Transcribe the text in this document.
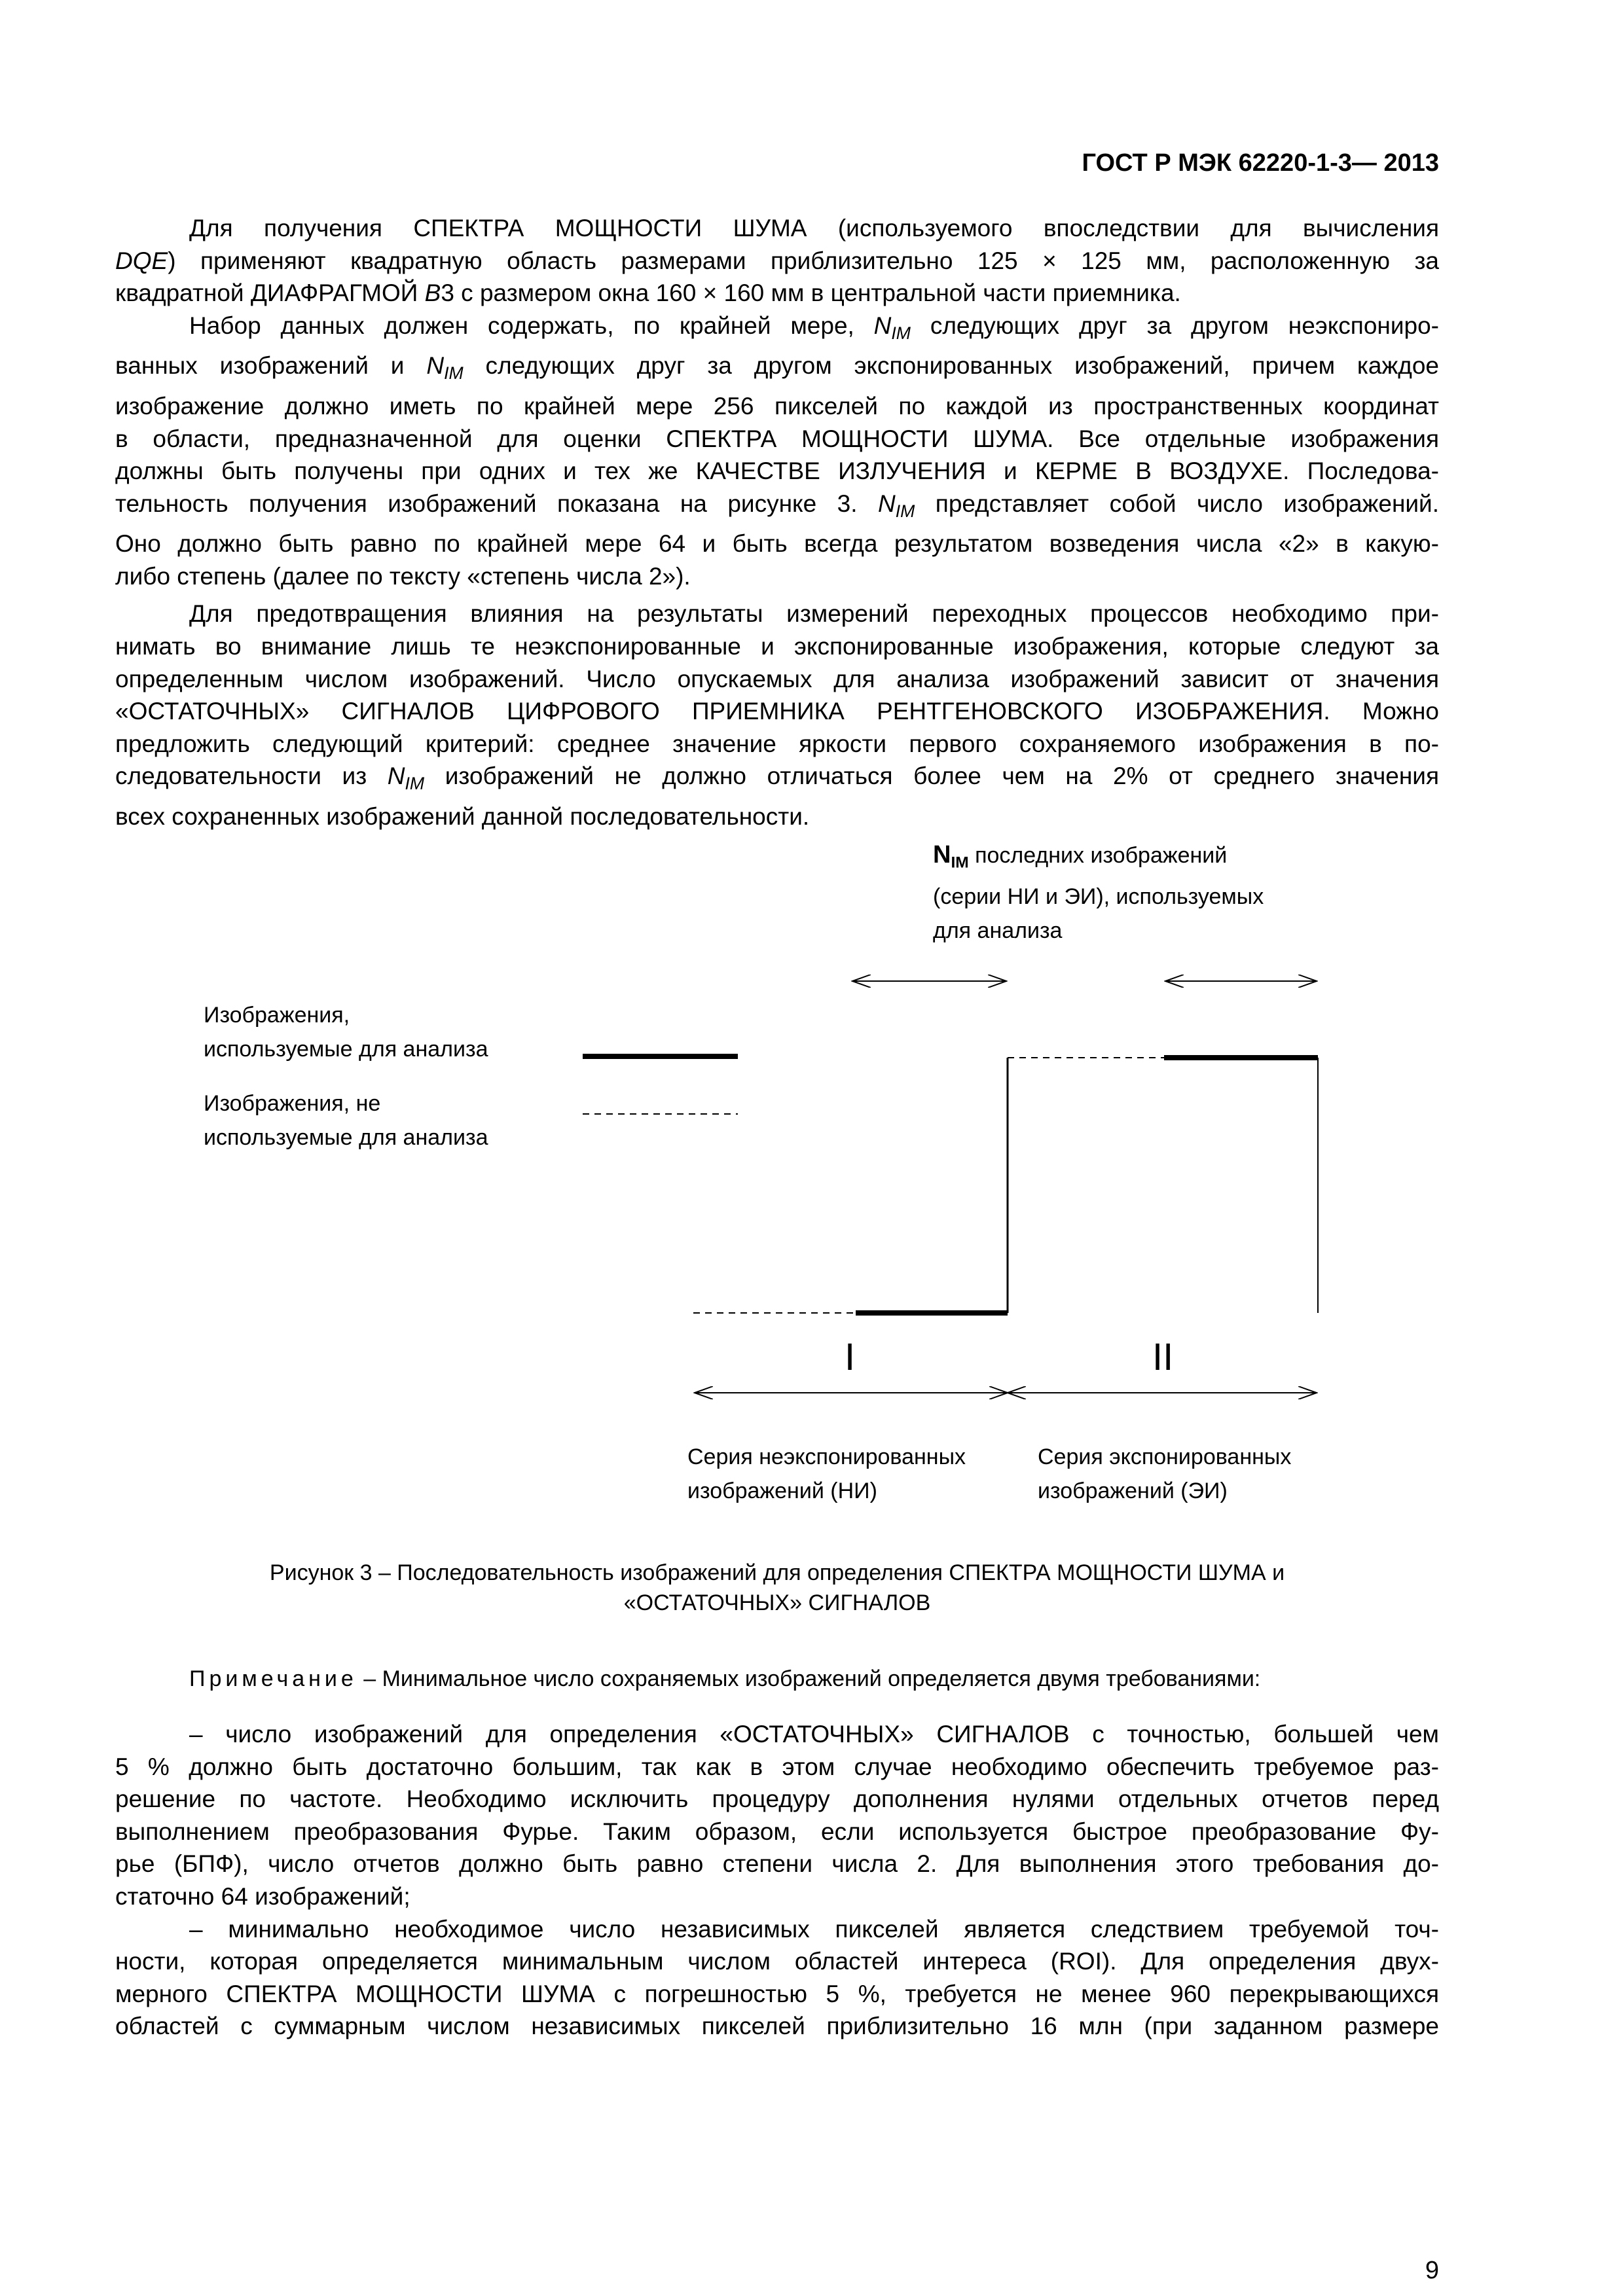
ГОСТ Р МЭК 62220-1-3— 2013
Для получения СПЕКТРА МОЩНОСТИ ШУМА (используемого впоследствии для вычисления
DQE) применяют квадратную область размерами приблизительно 125 × 125 мм, расположенную за
квадратной ДИАФРАГМОЙ B3 с размером окна 160 × 160 мм в центральной части приемника.
Набор данных должен содержать, по крайней мере, $N_{IM}$ следующих друг за другом неэкспониро-
ванных изображений и $N_{IM}$ следующих друг за другом экспонированных изображений, причем каждое
изображение должно иметь по крайней мере 256 пикселей по каждой из пространственных координат
в области, предназначенной для оценки СПЕКТРА МОЩНОСТИ ШУМА. Все отдельные изображения
должны быть получены при одних и тех же КАЧЕСТВЕ ИЗЛУЧЕНИЯ и КЕРМЕ В ВОЗДУХЕ. Последова-
тельность получения изображений показана на рисунке 3. $N_{IM}$ представляет собой число изображений.
Оно должно быть равно по крайней мере 64 и быть всегда результатом возведения числа «2» в какую-
либо степень (далее по тексту «степень числа 2»).
Для предотвращения влияния на результаты измерений переходных процессов необходимо при-
нимать во внимание лишь те неэкспонированные и экспонированные изображения, которые следуют за
определенным числом изображений. Число опускаемых для анализа изображений зависит от значения
«ОСТАТОЧНЫХ» СИГНАЛОВ ЦИФРОВОГО ПРИЕМНИКА РЕНТГЕНОВСКОГО ИЗОБРАЖЕНИЯ. Можно
предложить следующий критерий: среднее значение яркости первого сохраняемого изображения в по-
следовательности из $N_{IM}$ изображений не должно отличаться более чем на 2% от среднего значения
всех сохраненных изображений данной последовательности.
$N_{IM}$ последних изображений
(серии НИ и ЭИ), используемых
для анализа
Изображения,
используемые для анализа
Изображения, не
используемые для анализа
I	II
Серия неэкспонированных
изображений (НИ)
Серия экспонированных
изображений (ЭИ)
Рисунок 3 – Последовательность изображений для определения СПЕКТРА МОЩНОСТИ ШУМА и
«ОСТАТОЧНЫХ» СИГНАЛОВ
Примечание – Минимальное число сохраняемых изображений определяется двумя требованиями:
– число изображений для определения «ОСТАТОЧНЫХ» СИГНАЛОВ с точностью, большей чем
5 % должно быть достаточно большим, так как в этом случае необходимо обеспечить требуемое раз-
решение по частоте. Необходимо исключить процедуру дополнения нулями отдельных отчетов перед
выполнением преобразования Фурье. Таким образом, если используется быстрое преобразование Фу-
рье (БПФ), число отчетов должно быть равно степени числа 2. Для выполнения этого требования до-
статочно 64 изображений;
– минимально необходимое число независимых пикселей является следствием требуемой точ-
ности, которая определяется минимальным числом областей интереса (ROI). Для определения двух-
мерного СПЕКТРА МОЩНОСТИ ШУМА с погрешностью 5 %, требуется не менее 960 перекрывающихся
областей с суммарным числом независимых пикселей приблизительно 16 млн (при заданном размере
9
